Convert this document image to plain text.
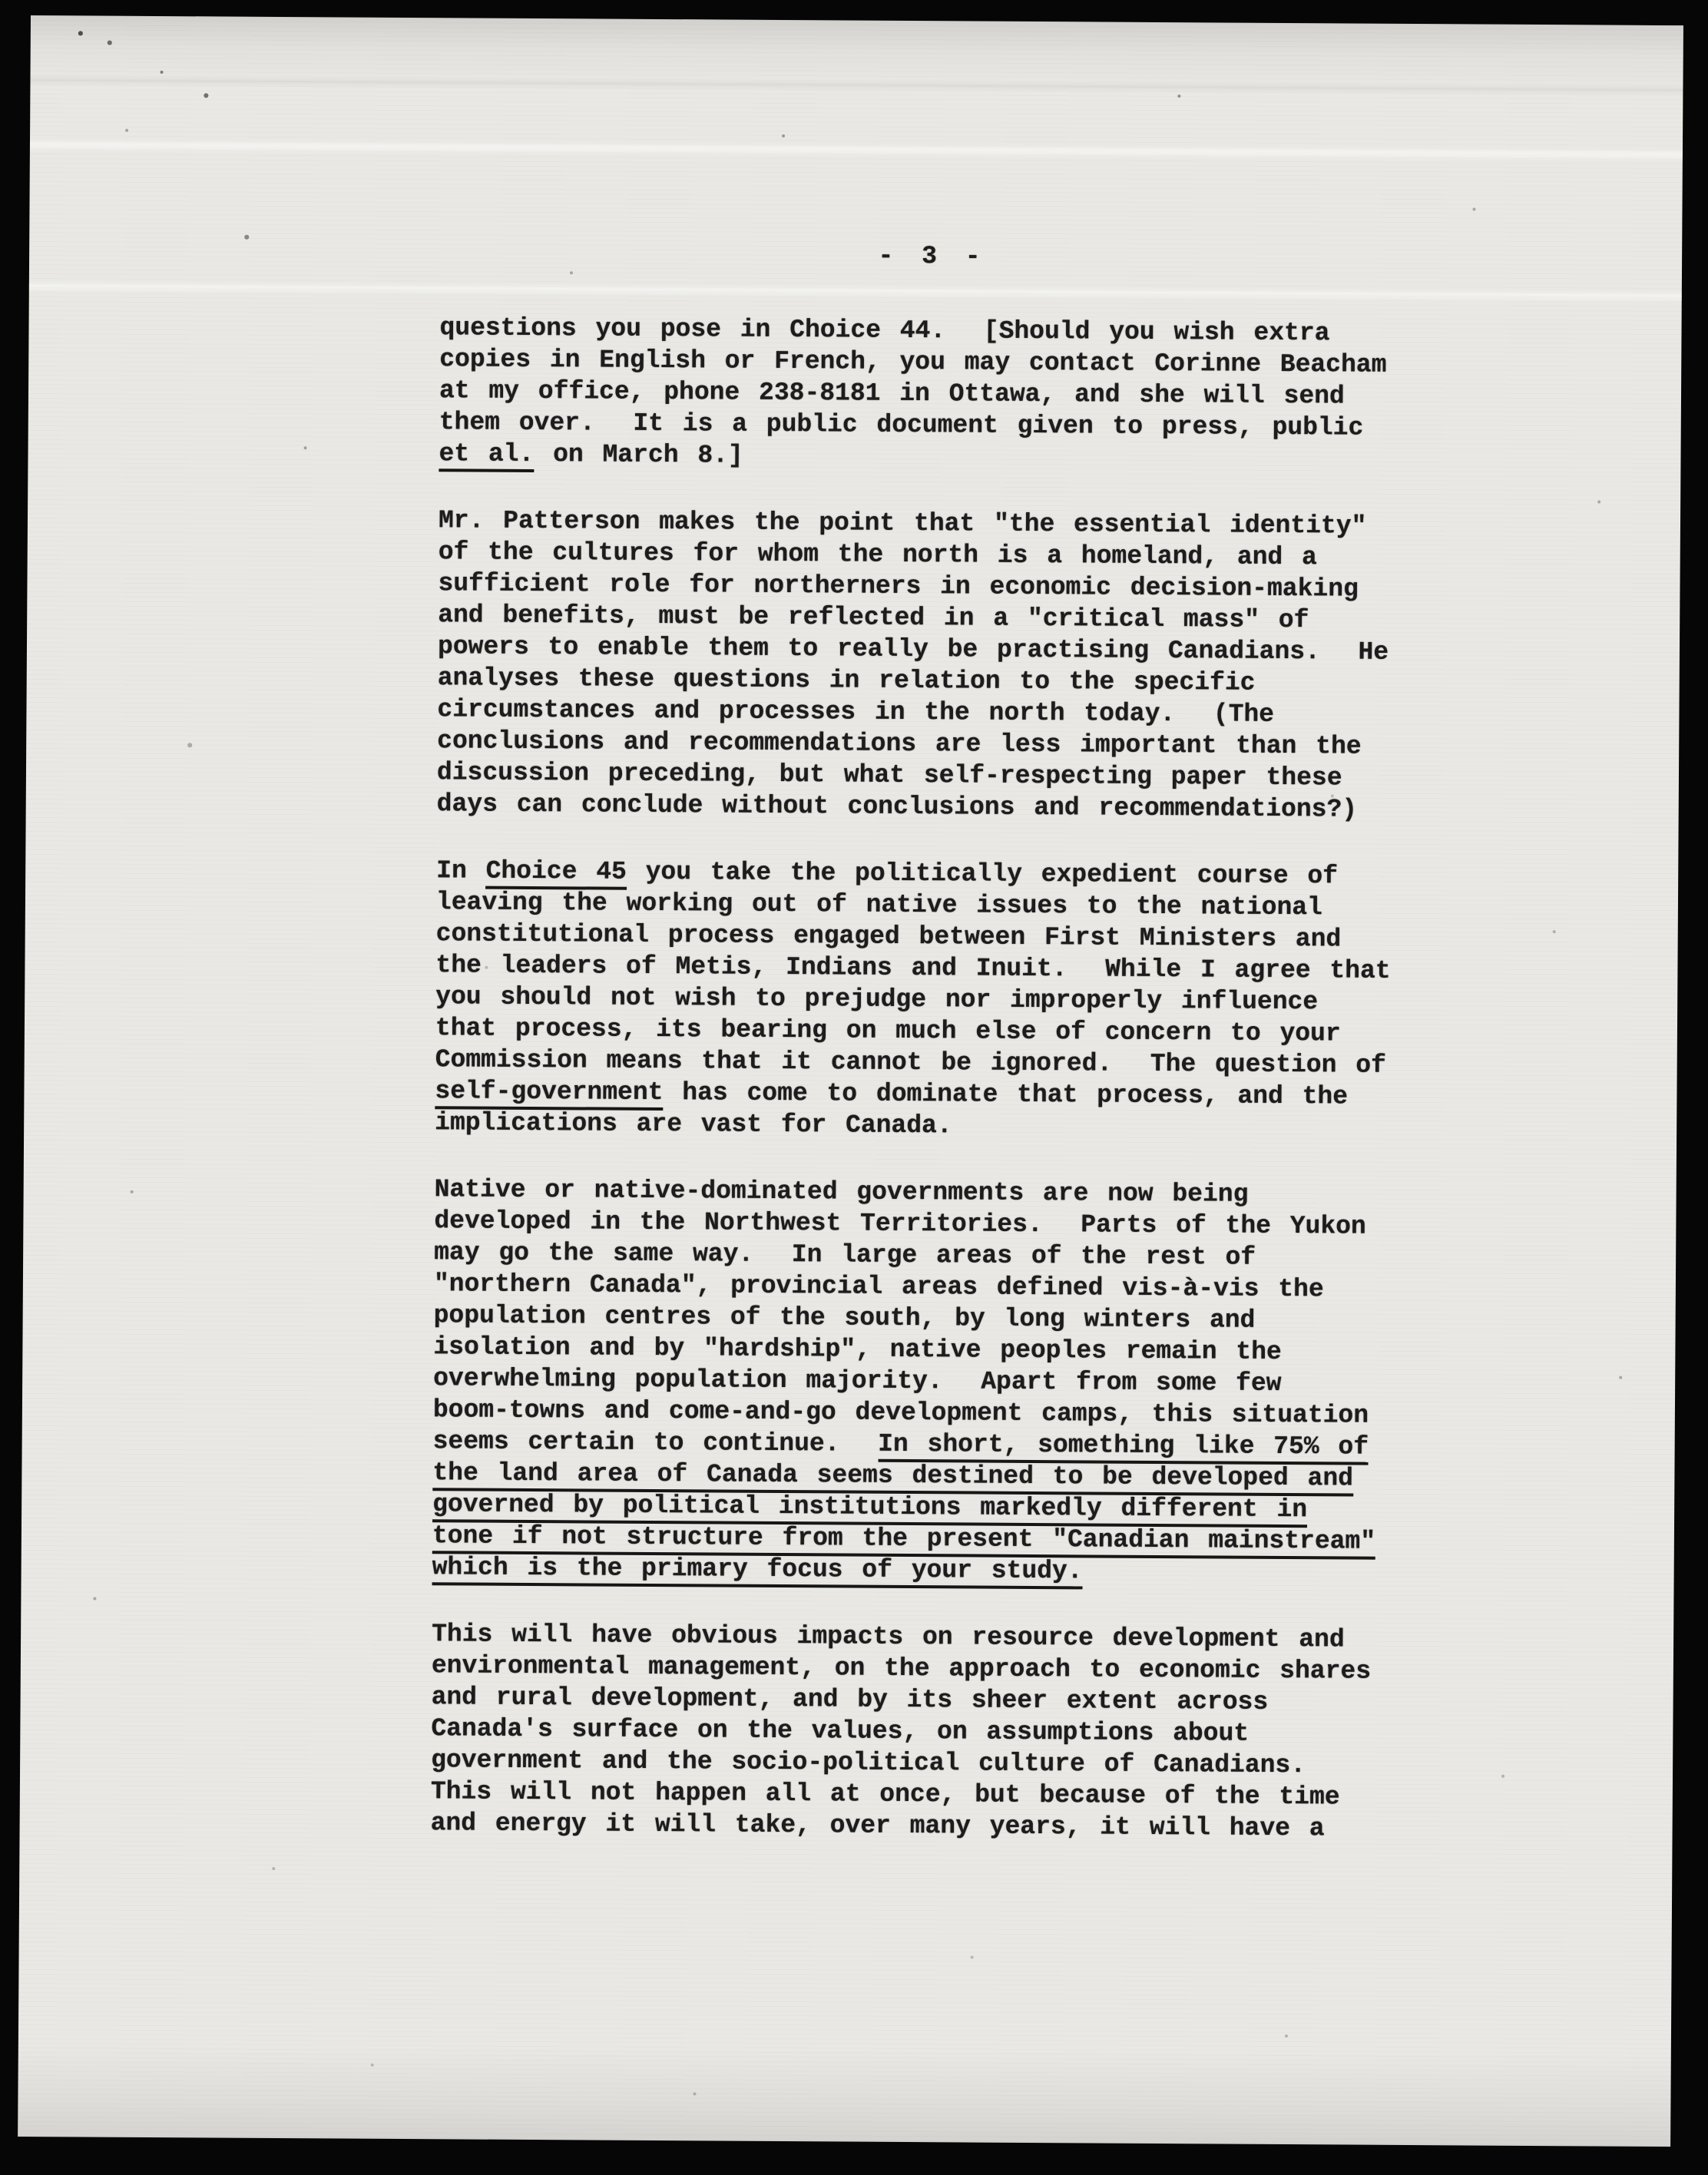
- 3 -
questions you pose in Choice 44.  [Should you wish extra
copies in English or French, you may contact Corinne Beacham
at my office, phone 238-8181 in Ottawa, and she will send
them over.  It is a public document given to press, public
et al. on March 8.]
Mr. Patterson makes the point that "the essential identity"
of the cultures for whom the north is a homeland, and a
sufficient role for northerners in economic decision-making
and benefits, must be reflected in a "critical mass" of
powers to enable them to really be practising Canadians.  He
analyses these questions in relation to the specific
circumstances and processes in the north today.  (The
conclusions and recommendations are less important than the
discussion preceding, but what self-respecting paper these
days can conclude without conclusions and recommendations?)
In Choice 45 you take the politically expedient course of
leaving the working out of native issues to the national
constitutional process engaged between First Ministers and
the leaders of Metis, Indians and Inuit.  While I agree that
you should not wish to prejudge nor improperly influence
that process, its bearing on much else of concern to your
Commission means that it cannot be ignored.  The question of
self-government has come to dominate that process, and the
implications are vast for Canada.
Native or native-dominated governments are now being
developed in the Northwest Territories.  Parts of the Yukon
may go the same way.  In large areas of the rest of
"northern Canada", provincial areas defined vis-à-vis the
population centres of the south, by long winters and
isolation and by "hardship", native peoples remain the
overwhelming population majority.  Apart from some few
boom-towns and come-and-go development camps, this situation
seems certain to continue.  In short, something like 75% of
the land area of Canada seems destined to be developed and
governed by political institutions markedly different in
tone if not structure from the present "Canadian mainstream"
which is the primary focus of your study.
This will have obvious impacts on resource development and
environmental management, on the approach to economic shares
and rural development, and by its sheer extent across
Canada's surface on the values, on assumptions about
government and the socio-political culture of Canadians.
This will not happen all at once, but because of the time
and energy it will take, over many years, it will have a
